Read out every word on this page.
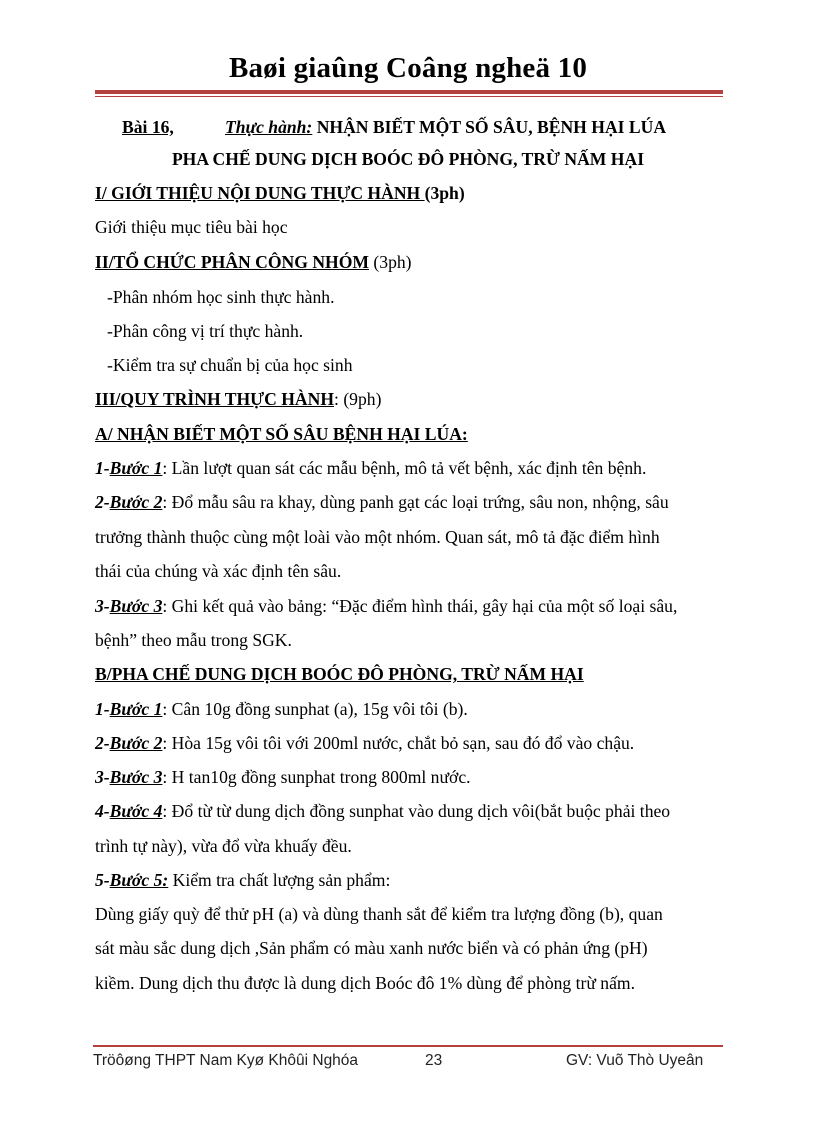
Baøi giaûng Coâng ngheä 10
Bài 16,	Thực hành: NHẬN BIẾT MỘT SỐ SÂU, BỆNH HẠI LÚA
PHA CHẾ DUNG DỊCH BOÓC ĐÔ PHÒNG, TRỪ NẤM HẠI
I/ GIỚI THIỆU NỘI DUNG THỰC HÀNH (3ph)
Giới thiệu mục tiêu bài học
II/TỔ CHỨC PHÂN CÔNG NHÓM (3ph)
-Phân nhóm học sinh thực hành.
-Phân công vị trí thực hành.
-Kiểm tra sự chuẩn bị của học sinh
III/QUY TRÌNH THỰC HÀNH: (9ph)
A/ NHẬN BIẾT MỘT SỐ SÂU BỆNH HẠI LÚA:
1-Bước 1: Lần lượt quan sát các mẫu bệnh, mô tả vết bệnh, xác định tên bệnh.
2-Bước 2: Đổ mẫu sâu ra khay, dùng panh gạt các loại trứng, sâu non, nhộng, sâu
trưởng thành thuộc cùng một loài vào một nhóm. Quan sát, mô tả đặc điểm hình
thái của chúng và xác định tên sâu.
3-Bước 3: Ghi kết quả vào bảng: “Đặc điểm hình thái, gây hại của một số loại sâu,
bệnh” theo mẫu trong SGK.
B/PHA CHẾ DUNG DỊCH BOÓC ĐÔ PHÒNG, TRỪ NẤM HẠI
1-Bước 1: Cân 10g đồng sunphat (a), 15g vôi tôi (b).
2-Bước 2: Hòa 15g vôi tôi với 200ml nước, chắt bỏ sạn, sau đó đổ vào chậu.
3-Bước 3: H tan10g đồng sunphat trong 800ml nước.
4-Bước 4: Đổ từ từ dung dịch đồng sunphat vào dung dịch vôi(bắt buộc phải theo
trình tự này), vừa đổ vừa khuấy đều.
5-Bước 5: Kiểm tra chất lượng sản phẩm:
Dùng giấy quỳ để thử pH (a) và dùng thanh sắt để kiểm tra lượng đồng (b), quan
sát màu sắc dung dịch ,Sản phẩm có màu xanh nước biển và có phản ứng (pH)
kiềm. Dung dịch thu được là dung dịch Boóc đô 1% dùng để phòng trừ nấm.
Tröôøng THPT Nam Kyø Khôûi Nghóa	23	GV: Vuõ Thò Uyeân
